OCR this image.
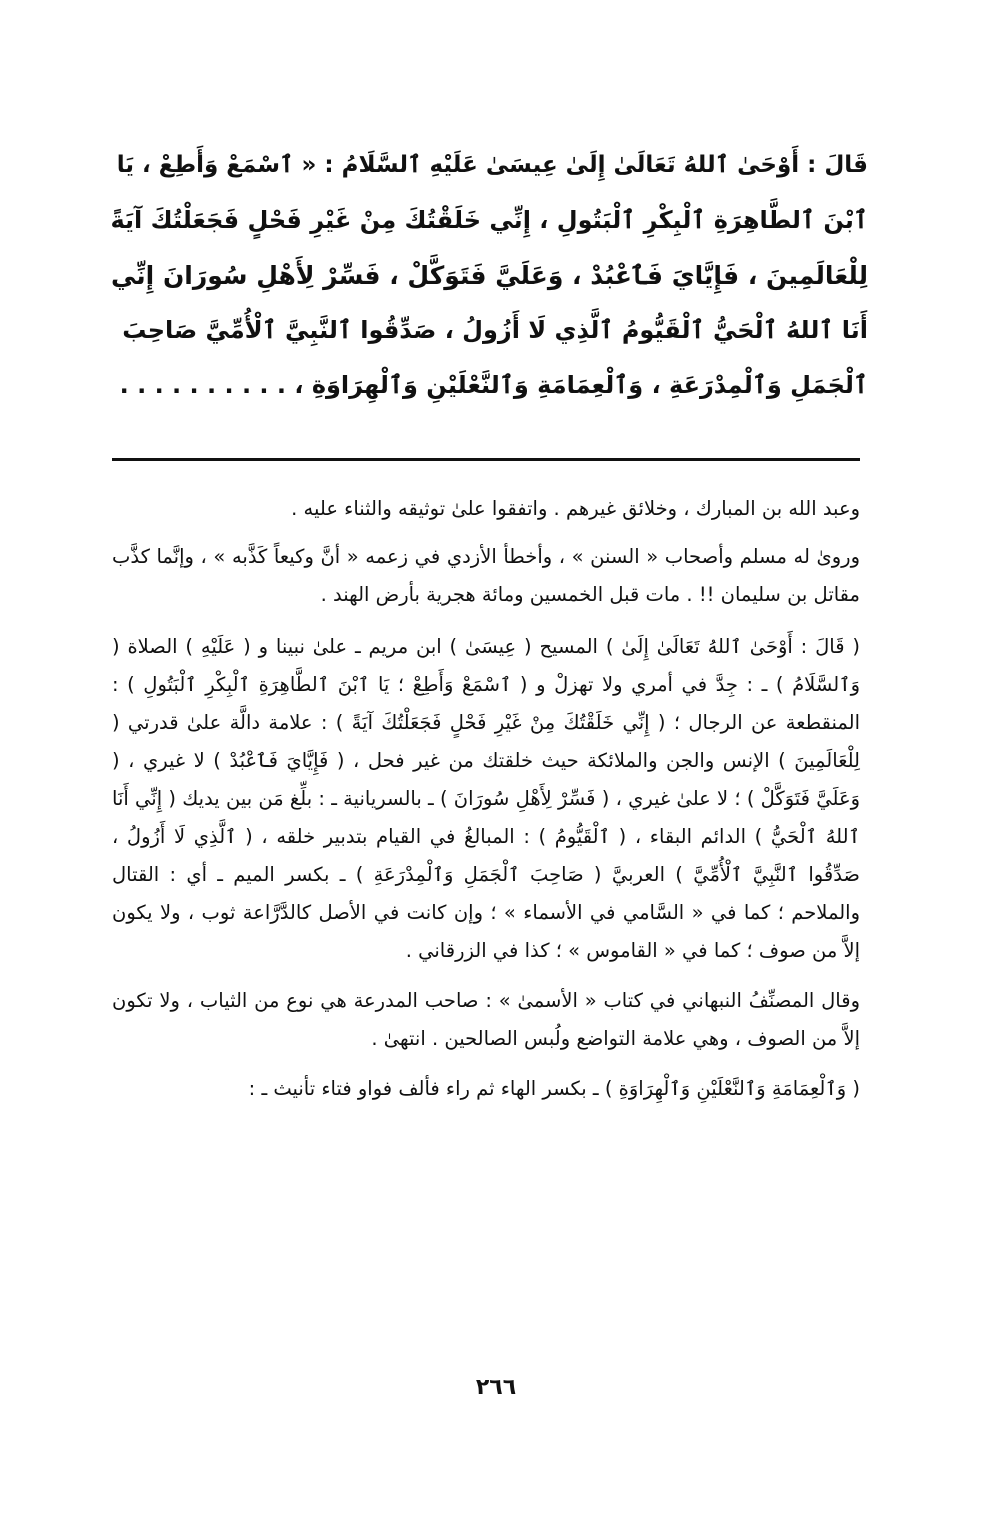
قَالَ : أَوْحَىٰ ٱللهُ تَعَالَىٰ إِلَىٰ عِيسَىٰ عَلَيْهِ ٱلسَّلَامُ : « ٱسْمَعْ وَأَطِعْ ، يَا
ٱبْنَ ٱلطَّاهِرَةِ ٱلْبِكْرِ ٱلْبَتُولِ ، إِنِّي خَلَقْتُكَ مِنْ غَيْرِ فَحْلٍ فَجَعَلْتُكَ آيَةً
لِلْعَالَمِينَ ، فَإِيَّايَ فَٱعْبُدْ ، وَعَلَيَّ فَتَوَكَّلْ ، فَسِّرْ لِأَهْلِ سُورَانَ إِنِّي
أَنَا ٱللهُ ٱلْحَيُّ ٱلْقَيُّومُ ٱلَّذِي لَا أَزُولُ ، صَدِّقُوا ٱلنَّبِيَّ ٱلْأُمِّيَّ صَاحِبَ
ٱلْجَمَلِ وَٱلْمِدْرَعَةِ ، وَٱلْعِمَامَةِ وَٱلنَّعْلَيْنِ وَٱلْهِرَاوَةِ ، . . . . . . . . . .

وعبد الله بن المبارك ، وخلائق غيرهم . واتفقوا علىٰ توثيقه والثناء عليه .

وروىٰ له مسلم وأصحاب « السنن » ، وأخطأ الأزدي في زعمه « أنَّ وكيعاً كَذَّبه » ، وإنَّما كذَّب مقاتل بن سليمان !! . مات قبل الخمسين ومائة هجرية بأرض الهند .

( قَالَ : أَوْحَىٰ ٱللهُ تَعَالَىٰ إِلَىٰ ) المسيح ( عِيسَىٰ ) ابن مريم ـ علىٰ نبينا و ( عَلَيْهِ ) الصلاة ( وَٱلسَّلَامُ ) ـ : جِدَّ في أمري ولا تهزلْ و ( ٱسْمَعْ وَأَطِعْ ؛ يَا ٱبْنَ ٱلطَّاهِرَةِ ٱلْبِكْرِ ٱلْبَتُولِ ) : المنقطعة عن الرجال ؛ ( إِنِّي خَلَقْتُكَ مِنْ غَيْرِ فَحْلٍ فَجَعَلْتُكَ آيَةً ) : علامة دالَّة علىٰ قدرتي ( لِلْعَالَمِينَ ) الإنس والجن والملائكة حيث خلقتك من غير فحل ، ( فَإِيَّايَ فَٱعْبُدْ ) لا غيري ، ( وَعَلَيَّ فَتَوَكَّلْ ) ؛ لا علىٰ غيري ، ( فَسِّرْ لِأَهْلِ سُورَانَ ) ـ بالسريانية ـ : بلِّغ مَن بين يديك ( إِنِّي أَنَا ٱللهُ ٱلْحَيُّ ) الدائم البقاء ، ( ٱلْقَيُّومُ ) : المبالغُ في القيام بتدبير خلقه ، ( ٱلَّذِي لَا أَزُولُ ، صَدِّقُوا ٱلنَّبِيَّ ٱلْأُمِّيَّ ) العربيَّ ( صَاحِبَ ٱلْجَمَلِ وَٱلْمِدْرَعَةِ ) ـ بكسر الميم ـ أي : القتال والملاحم ؛ كما في « السَّامي في الأسماء » ؛ وإن كانت في الأصل كالدَّرَّاعة ثوب ، ولا يكون إلاَّ من صوف ؛ كما في « القاموس » ؛ كذا في الزرقاني .

وقال المصنِّفُ النبهاني في كتاب « الأسمىٰ » : صاحب المدرعة هي نوع من الثياب ، ولا تكون إلاَّ من الصوف ، وهي علامة التواضع ولُبس الصالحين . انتهىٰ .

( وَٱلْعِمَامَةِ وَٱلنَّعْلَيْنِ وَٱلْهِرَاوَةِ ) ـ بكسر الهاء ثم راء فألف فواو فتاء تأنيث ـ :

٢٦٦
